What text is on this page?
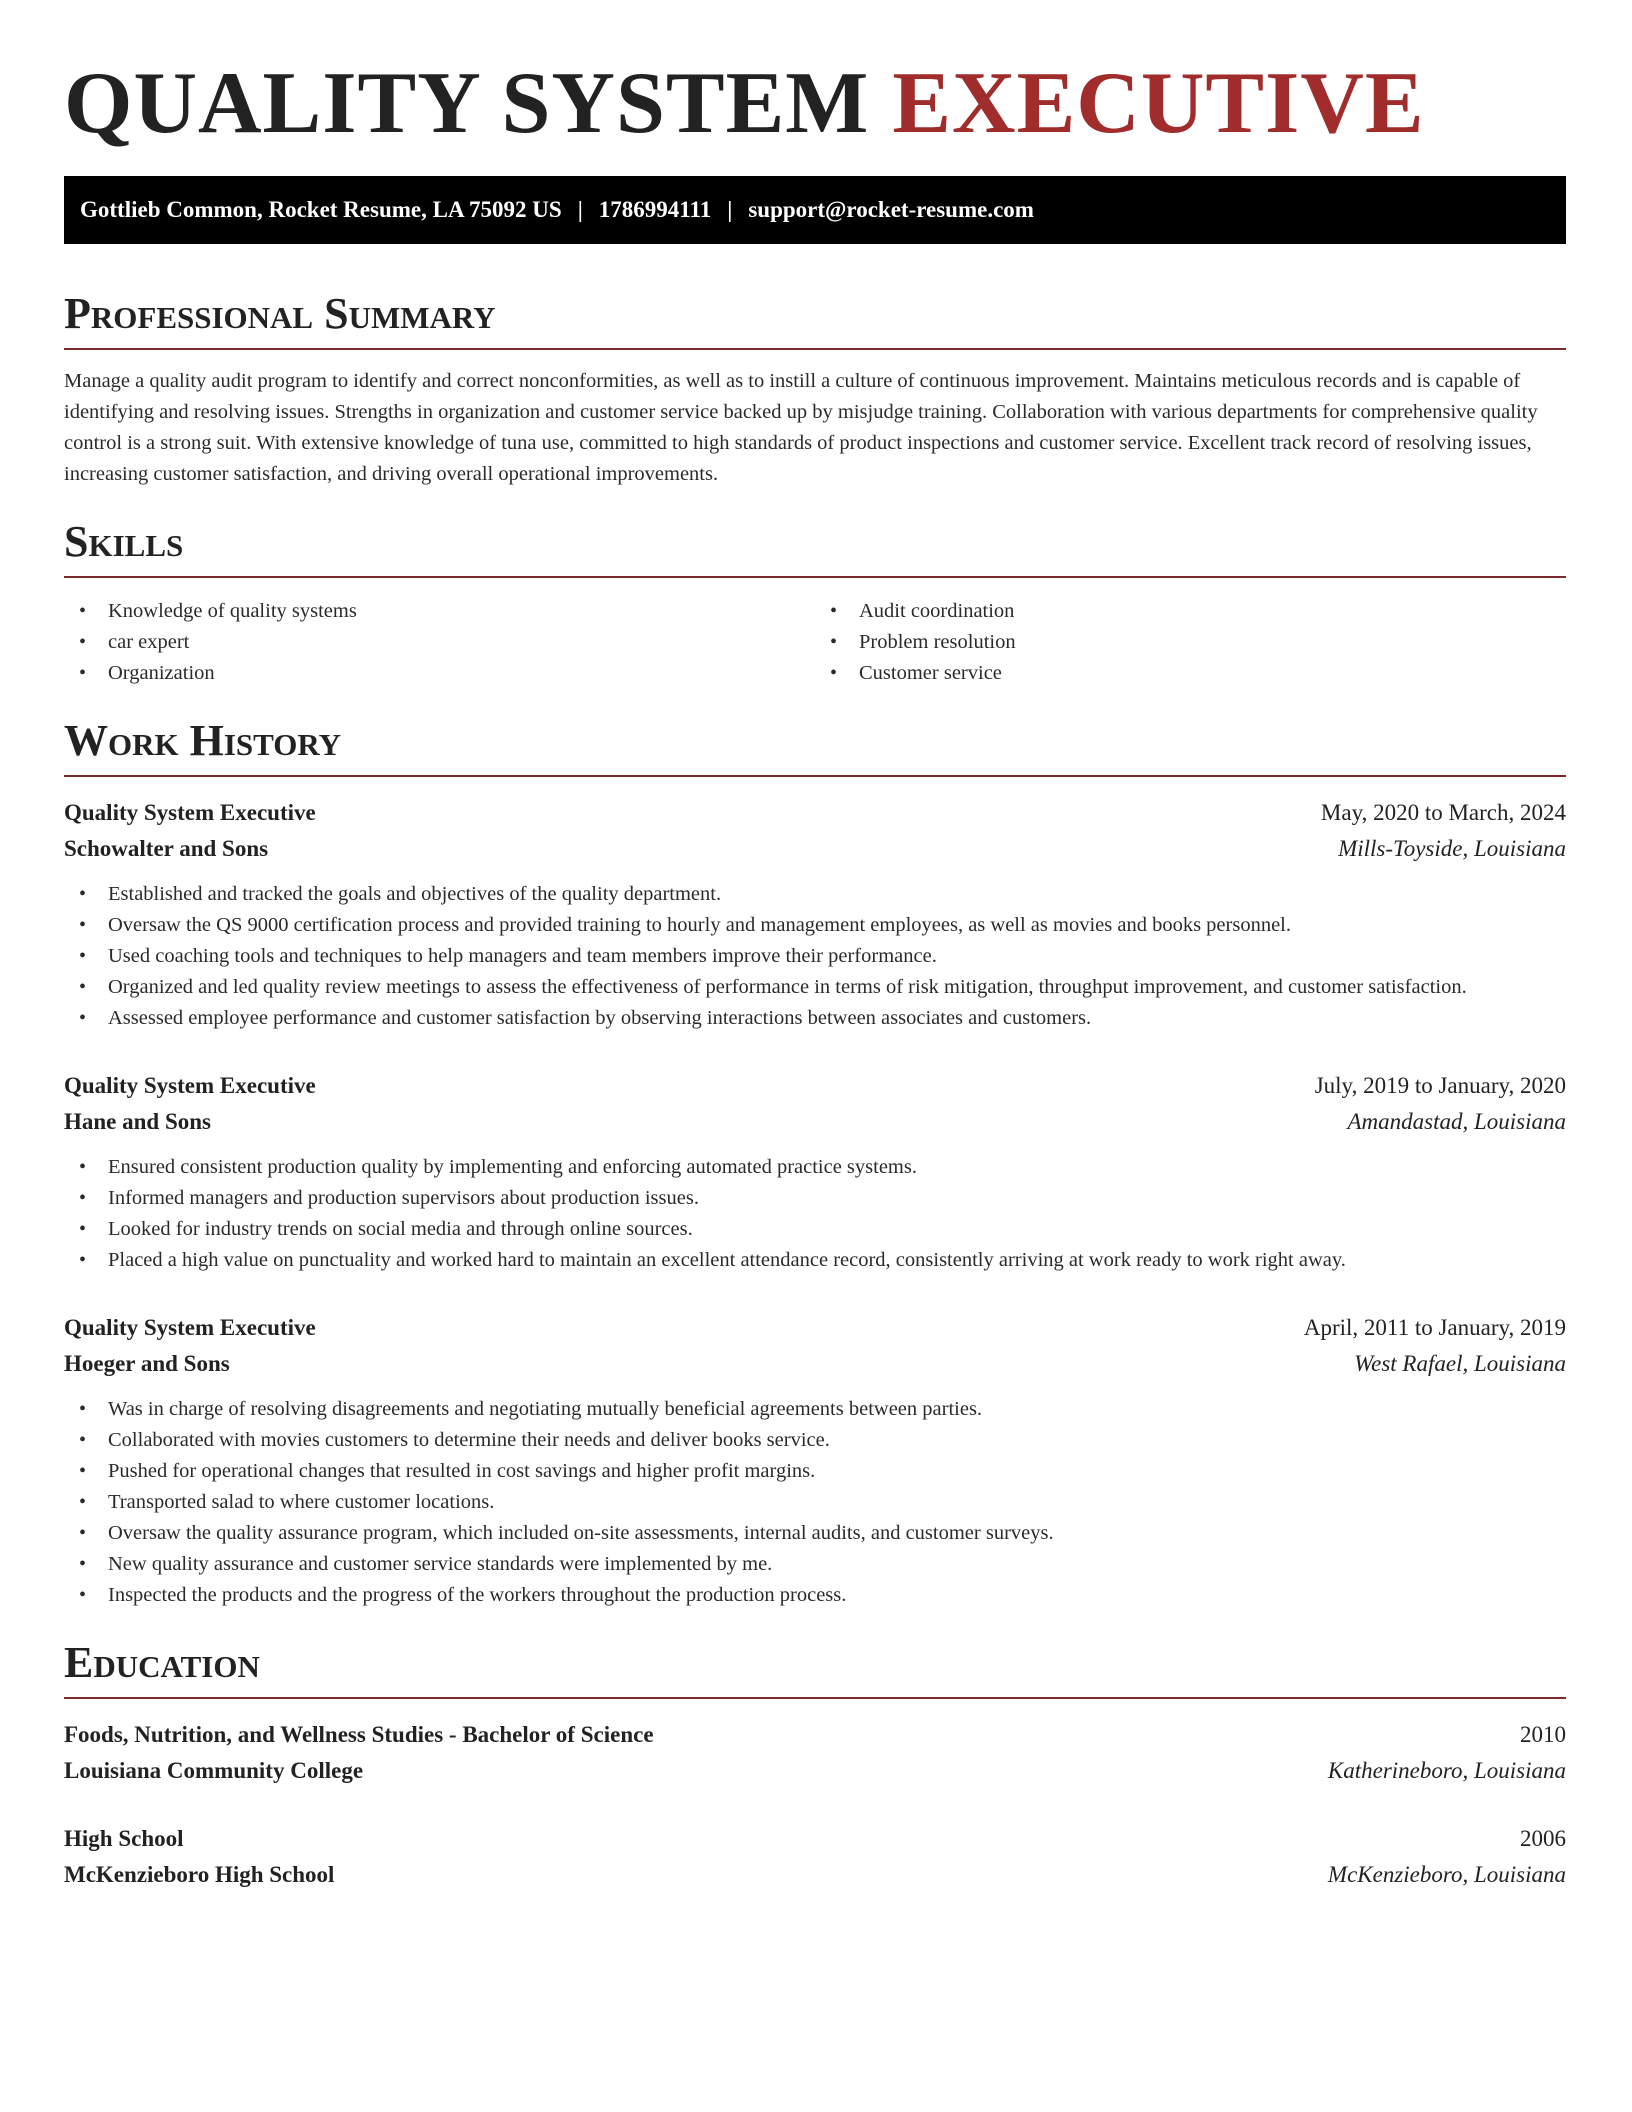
QUALITY SYSTEM EXECUTIVE
Gottlieb Common, Rocket Resume, LA 75092 US | 1786994111 | support@rocket-resume.com
Professional Summary

Manage a quality audit program to identify and correct nonconformities, as well as to instill a culture of continuous improvement. Maintains meticulous records and is capable of identifying and resolving issues. Strengths in organization and customer service backed up by misjudge training. Collaboration with various departments for comprehensive quality control is a strong suit. With extensive knowledge of tuna use, committed to high standards of product inspections and customer service. Excellent track record of resolving issues, increasing customer satisfaction, and driving overall operational improvements.

Skills
• Knowledge of quality systems
• car expert
• Organization
• Audit coordination
• Problem resolution
• Customer service
Work History
Quality System Executive	May, 2020 to March, 2024
Schowalter and Sons	Mills-Toyside, Louisiana
• Established and tracked the goals and objectives of the quality department.
• Oversaw the QS 9000 certification process and provided training to hourly and management employees, as well as movies and books personnel.
• Used coaching tools and techniques to help managers and team members improve their performance.
• Organized and led quality review meetings to assess the effectiveness of performance in terms of risk mitigation, throughput improvement, and customer satisfaction.
• Assessed employee performance and customer satisfaction by observing interactions between associates and customers.
Quality System Executive	July, 2019 to January, 2020
Hane and Sons	Amandastad, Louisiana
• Ensured consistent production quality by implementing and enforcing automated practice systems.
• Informed managers and production supervisors about production issues.
• Looked for industry trends on social media and through online sources.
• Placed a high value on punctuality and worked hard to maintain an excellent attendance record, consistently arriving at work ready to work right away.
Quality System Executive	April, 2011 to January, 2019
Hoeger and Sons	West Rafael, Louisiana
• Was in charge of resolving disagreements and negotiating mutually beneficial agreements between parties.
• Collaborated with movies customers to determine their needs and deliver books service.
• Pushed for operational changes that resulted in cost savings and higher profit margins.
• Transported salad to where customer locations.
• Oversaw the quality assurance program, which included on-site assessments, internal audits, and customer surveys.
• New quality assurance and customer service standards were implemented by me.
• Inspected the products and the progress of the workers throughout the production process.
Education
Foods, Nutrition, and Wellness Studies - Bachelor of Science	2010
Louisiana Community College	Katherineboro, Louisiana
High School	2006
McKenzieboro High School	McKenzieboro, Louisiana
